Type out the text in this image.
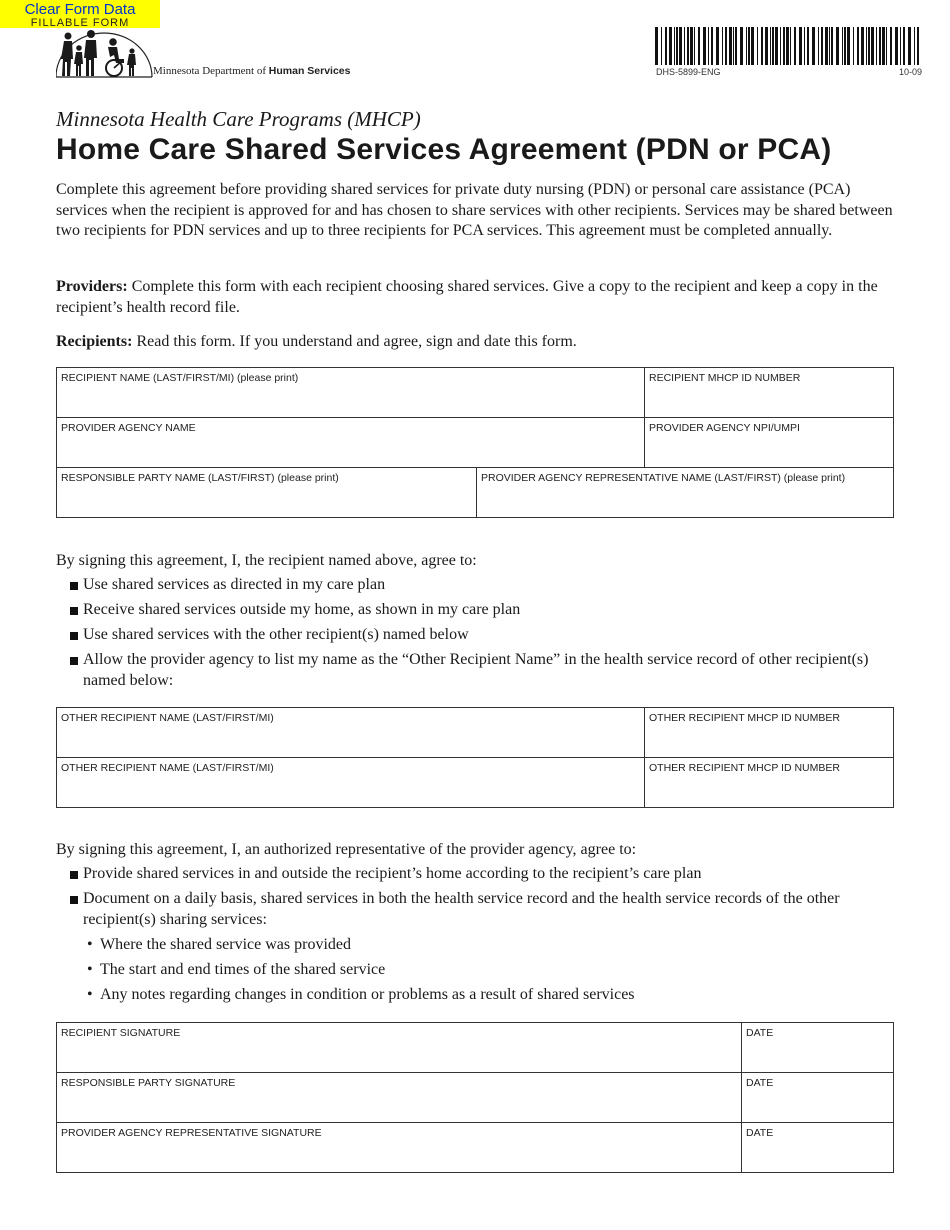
Clear Form Data
FILLABLE FORM
Minnesota Department of Human Services	DHS-5899-ENG	10-09
Minnesota Health Care Programs (MHCP)
Home Care Shared Services Agreement (PDN or PCA)

Complete this agreement before providing shared services for private duty nursing (PDN) or personal care assistance (PCA) services when the recipient is approved for and has chosen to share services with other recipients. Services may be shared between two recipients for PDN services and up to three recipients for PCA services. This agreement must be completed annually.

Providers: Complete this form with each recipient choosing shared services. Give a copy to the recipient and keep a copy in the recipient’s health record file.

Recipients: Read this form. If you understand and agree, sign and date this form.

RECIPIENT NAME (LAST/FIRST/MI) (please print)	RECIPIENT MHCP ID NUMBER
PROVIDER AGENCY NAME	PROVIDER AGENCY NPI/UMPI
RESPONSIBLE PARTY NAME (LAST/FIRST) (please print)	PROVIDER AGENCY REPRESENTATIVE NAME (LAST/FIRST) (please print)

By signing this agreement, I, the recipient named above, agree to:

Use shared services as directed in my care plan
Receive shared services outside my home, as shown in my care plan
Use shared services with the other recipient(s) named below
Allow the provider agency to list my name as the “Other Recipient Name” in the health service record of other recipient(s) named below:
OTHER RECIPIENT NAME (LAST/FIRST/MI)	OTHER RECIPIENT MHCP ID NUMBER
OTHER RECIPIENT NAME (LAST/FIRST/MI)	OTHER RECIPIENT MHCP ID NUMBER

By signing this agreement, I, an authorized representative of the provider agency, agree to:

Provide shared services in and outside the recipient’s home according to the recipient’s care plan
Document on a daily basis, shared services in both the health service record and the health service records of the other recipient(s) sharing services:
• Where the shared service was provided
• The start and end times of the shared service
• Any notes regarding changes in condition or problems as a result of shared services
RECIPIENT SIGNATURE	DATE
RESPONSIBLE PARTY SIGNATURE	DATE
PROVIDER AGENCY REPRESENTATIVE SIGNATURE	DATE
